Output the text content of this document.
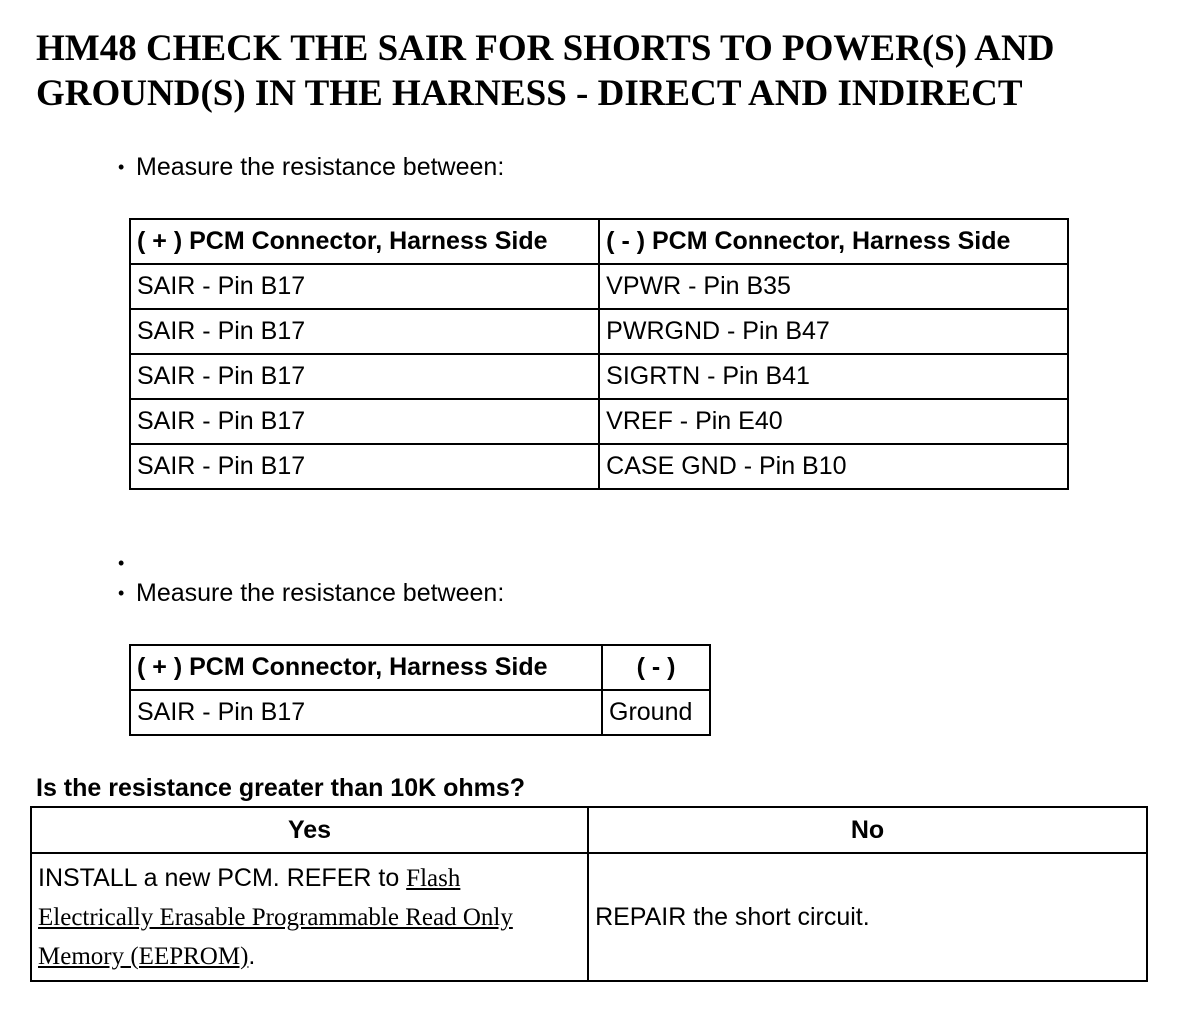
HM48 CHECK THE SAIR FOR SHORTS TO POWER(S) AND GROUND(S) IN THE HARNESS - DIRECT AND INDIRECT
• Measure the resistance between:
( + ) PCM Connector, Harness Side	( - ) PCM Connector, Harness Side
SAIR - Pin B17	VPWR - Pin B35
SAIR - Pin B17	PWRGND - Pin B47
SAIR - Pin B17	SIGRTN - Pin B41
SAIR - Pin B17	VREF - Pin E40
SAIR - Pin B17	CASE GND - Pin B10
•
• Measure the resistance between:
( + ) PCM Connector, Harness Side	( - )
SAIR - Pin B17	Ground
Is the resistance greater than 10K ohms?
Yes	No
INSTALL a new PCM. REFER to Flash Electrically Erasable Programmable Read Only Memory (EEPROM).	REPAIR the short circuit.
